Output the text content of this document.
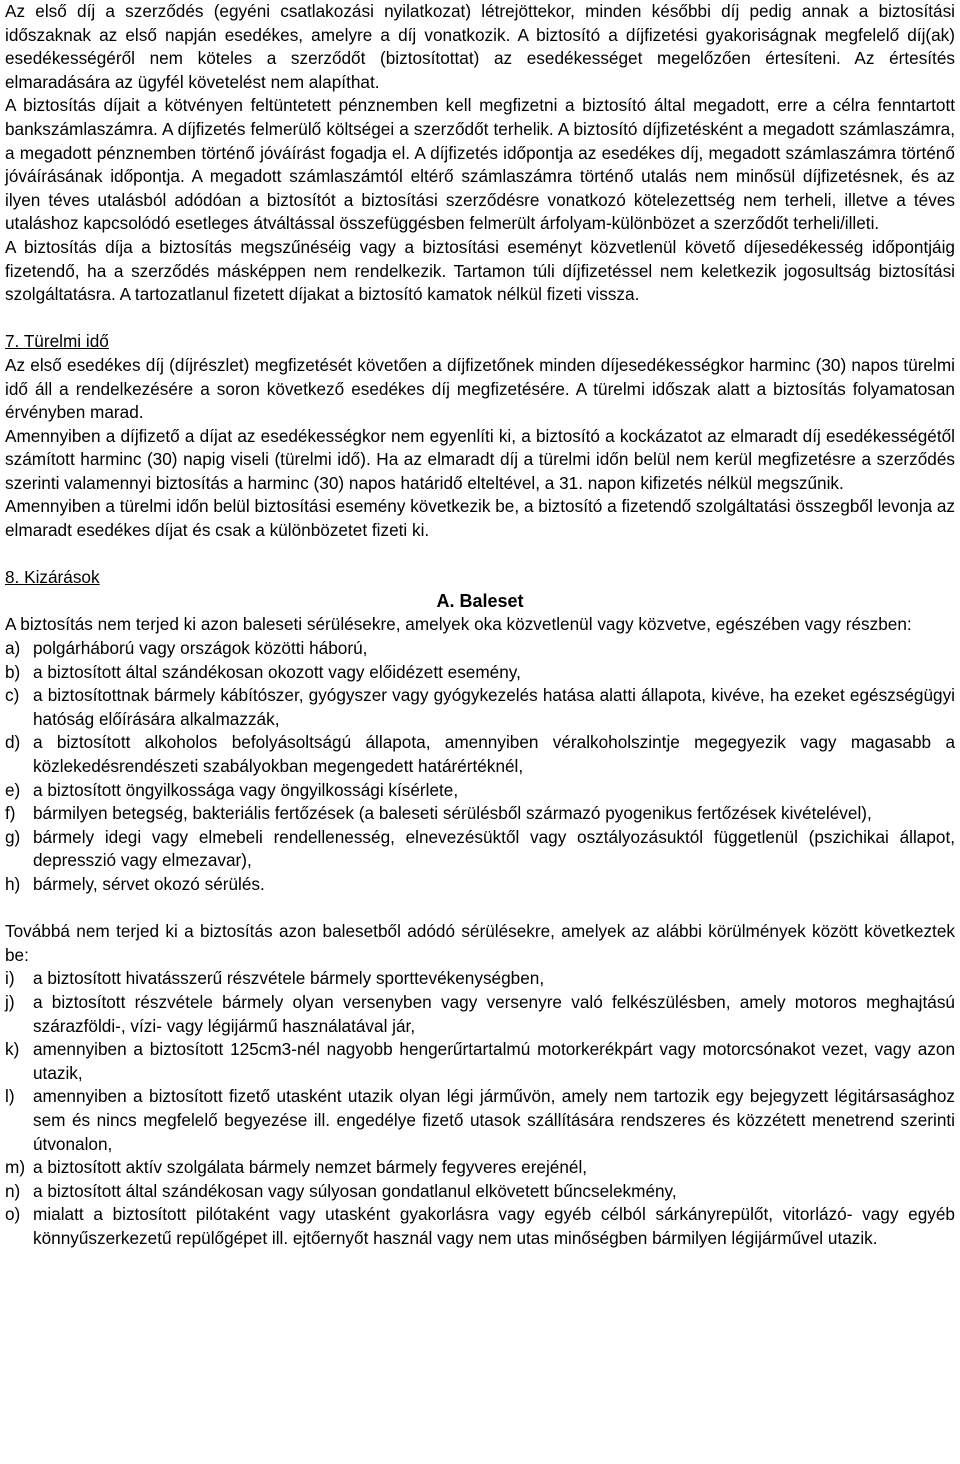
Az első díj a szerződés (egyéni csatlakozási nyilatkozat) létrejöttekor, minden későbbi díj pedig annak a biztosítási időszaknak az első napján esedékes, amelyre a díj vonatkozik. A biztosító a díjfizetési gyakoriságnak megfelelő díj(ak) esedékességéről nem köteles a szerződőt (biztosítottat) az esedékességet megelőzően értesíteni. Az értesítés elmaradására az ügyfél követelést nem alapíthat.

A biztosítás díjait a kötvényen feltüntetett pénznemben kell megfizetni a biztosító által megadott, erre a célra fenntartott bankszámlaszámra. A díjfizetés felmerülő költségei a szerződőt terhelik. A biztosító díjfizetésként a megadott számlaszámra, a megadott pénznemben történő jóváírást fogadja el. A díjfizetés időpontja az esedékes díj, megadott számlaszámra történő jóváírásának időpontja. A megadott számlaszámtól eltérő számlaszámra történő utalás nem minősül díjfizetésnek, és az ilyen téves utalásból adódóan a biztosítót a biztosítási szerződésre vonatkozó kötelezettség nem terheli, illetve a téves utaláshoz kapcsolódó esetleges átváltással összefüggésben felmerült árfolyam-különbözet a szerződőt terheli/illeti.

A biztosítás díja a biztosítás megszűnéséig vagy a biztosítási eseményt közvetlenül követő díjesedékesség időpontjáig fizetendő, ha a szerződés másképpen nem rendelkezik. Tartamon túli díjfizetéssel nem keletkezik jogosultság biztosítási szolgáltatásra. A tartozatlanul fizetett díjakat a biztosító kamatok nélkül fizeti vissza.

7. Türelmi idő

Az első esedékes díj (díjrészlet) megfizetését követően a díjfizetőnek minden díjesedékességkor harminc (30) napos türelmi idő áll a rendelkezésére a soron következő esedékes díj megfizetésére. A türelmi időszak alatt a biztosítás folyamatosan érvényben marad.

Amennyiben a díjfizető a díjat az esedékességkor nem egyenlíti ki, a biztosító a kockázatot az elmaradt díj esedékességétől számított harminc (30) napig viseli (türelmi idő). Ha az elmaradt díj a türelmi időn belül nem kerül megfizetésre a szerződés szerinti valamennyi biztosítás a harminc (30) napos határidő elteltével, a 31. napon kifizetés nélkül megszűnik.

Amennyiben a türelmi időn belül biztosítási esemény következik be, a biztosító a fizetendő szolgáltatási összegből levonja az elmaradt esedékes díjat és csak a különbözetet fizeti ki.

8. Kizárások

A. Baleset

A biztosítás nem terjed ki azon baleseti sérülésekre, amelyek oka közvetlenül vagy közvetve, egészében vagy részben:

a) polgárháború vagy országok közötti háború,
b) a biztosított által szándékosan okozott vagy előidézett esemény,
c) a biztosítottnak bármely kábítószer, gyógyszer vagy gyógykezelés hatása alatti állapota, kivéve, ha ezeket egészségügyi hatóság előírására alkalmazzák,
d) a biztosított alkoholos befolyásoltságú állapota, amennyiben véralkoholszintje megegyezik vagy magasabb a közlekedésrendészeti szabályokban megengedett határértéknél,
e) a biztosított öngyilkossága vagy öngyilkossági kísérlete,
f)	bármilyen betegség, bakteriális fertőzések (a baleseti sérülésből származó pyogenikus fertőzések kivételével),
g) bármely idegi vagy elmebeli rendellenesség, elnevezésüktől vagy osztályozásuktól függetlenül (pszichikai állapot, depresszió vagy elmezavar),
h) bármely, sérvet okozó sérülés.

Továbbá nem terjed ki a biztosítás azon balesetből adódó sérülésekre, amelyek az alábbi körülmények között következtek be:

i)	a biztosított hivatásszerű részvétele bármely sporttevékenységben,
j)	a biztosított részvétele bármely olyan versenyben vagy versenyre való felkészülésben, amely motoros meghajtású szárazföldi-, vízi- vagy légijármű használatával jár,
k) amennyiben a biztosított 125cm3-nél nagyobb hengerűrtartalmú motorkerékpárt vagy motorcsónakot vezet, vagy azon utazik,
l)	amennyiben a biztosított fizető utasként utazik olyan légi járművön, amely nem tartozik egy bejegyzett légitársasághoz sem és nincs megfelelő begyezése ill. engedélye fizető utasok szállítására rendszeres és közzétett menetrend szerinti útvonalon,
m) a biztosított aktív szolgálata bármely nemzet bármely fegyveres erejénél,
n) a biztosított által szándékosan vagy súlyosan gondatlanul elkövetett bűncselekmény,
o) mialatt a biztosított pilótaként vagy utasként gyakorlásra vagy egyéb célból sárkányrepülőt, vitorlázó- vagy egyéb könnyűszerkezetű repülőgépet ill. ejtőernyőt használ vagy nem utas minőségben bármilyen légijárművel utazik.
